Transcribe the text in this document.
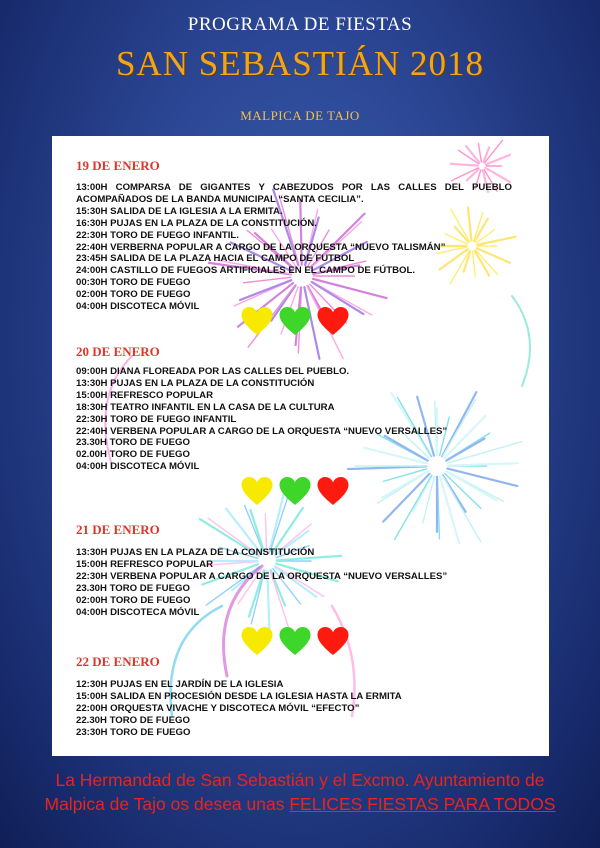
PROGRAMA DE FIESTAS
SAN SEBASTIÁN 2018
MALPICA DE TAJO
19 DE ENERO
13:00H COMPARSA DE GIGANTES Y CABEZUDOS POR LAS CALLES DEL PUEBLO ACOMPAÑADOS DE LA BANDA MUNICIPAL “SANTA CECILIA”.
15:30H SALIDA DE LA IGLESIA A LA ERMITA.
16:30H PUJAS EN LA PLAZA DE LA CONSTITUCIÓN.
22:30H TORO DE FUEGO INFANTIL.
22:40H VERBERNA POPULAR A CARGO DE LA ORQUESTA “NUEVO TALISMÁN”
23:45H SALIDA DE LA PLAZA HACIA EL CAMPO DE FUTBOL
24:00H CASTILLO DE FUEGOS ARTIFICIALES EN EL CAMPO DE FÚTBOL.
00:30H TORO DE FUEGO
02:00H TORO DE FUEGO
04:00H DISCOTECA MÓVIL
20 DE ENERO
09:00H DIANA FLOREADA POR LAS CALLES DEL PUEBLO.
13:30H PUJAS EN LA PLAZA DE LA CONSTITUCIÓN
15:00H REFRESCO POPULAR
18:30H TEATRO INFANTIL EN LA CASA DE LA CULTURA
22:30H TORO DE FUEGO INFANTIL
22:40H VERBENA POPULAR A CARGO DE LA ORQUESTA “NUEVO VERSALLES”
23.30H TORO DE FUEGO
02.00H TORO DE FUEGO
04:00H DISCOTECA MÓVIL
21 DE ENERO
13:30H PUJAS EN LA PLAZA DE LA CONSTITUCIÓN
15:00H REFRESCO POPULAR
22:30H VERBENA POPULAR A CARGO DE LA ORQUESTA “NUEVO VERSALLES”
23.30H TORO DE FUEGO
02:00H TORO DE FUEGO
04:00H DISCOTECA MÓVIL
22 DE ENERO
12:30H PUJAS EN EL JARDÍN DE LA IGLESIA
15:00H SALIDA EN PROCESIÓN DESDE LA IGLESIA HASTA LA ERMITA
22:00H ORQUESTA VIVACHE Y DISCOTECA MÓVIL “EFECTO”
22.30H TORO DE FUEGO
23:30H TORO DE FUEGO
La Hermandad de San Sebastián y el Excmo. Ayuntamiento de
Malpica de Tajo os desea unas FELICES FIESTAS PARA TODOS
